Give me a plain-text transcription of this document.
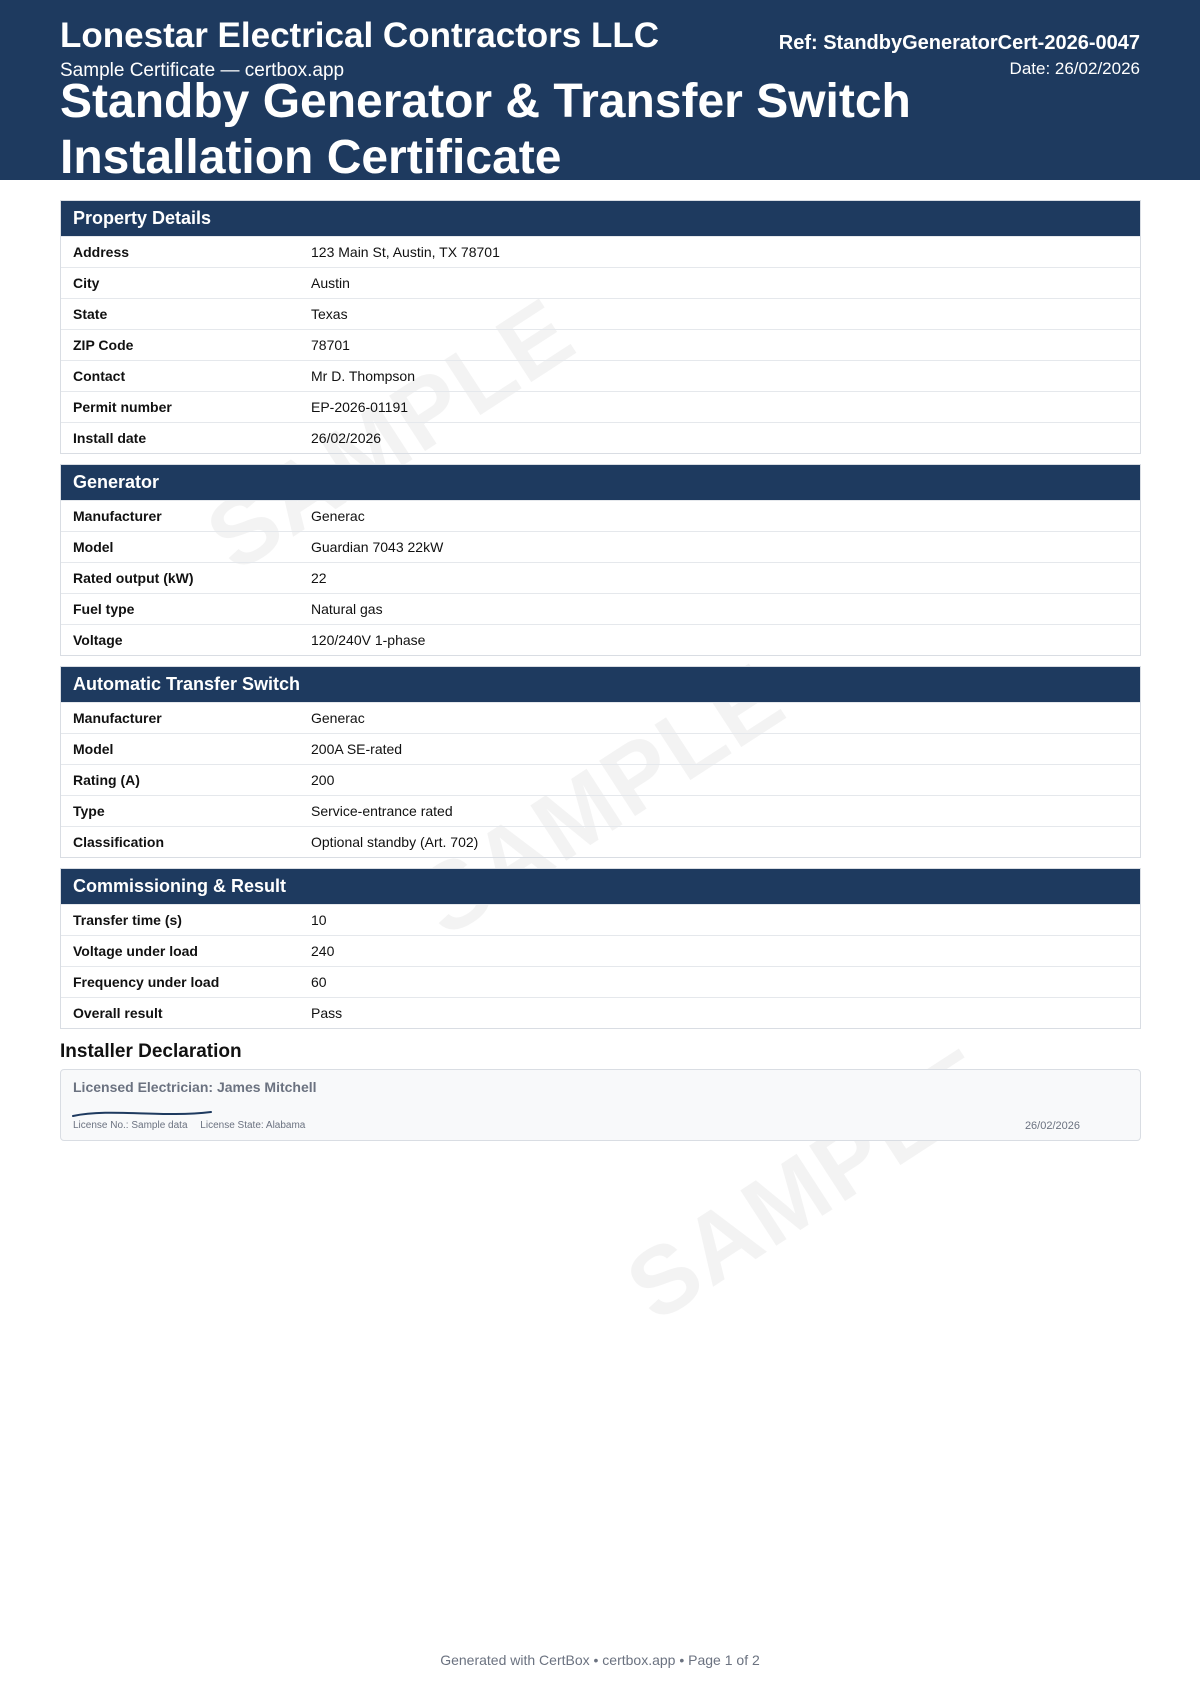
Lonestar Electrical Contractors LLC
Sample Certificate — certbox.app
Standby Generator & Transfer Switch Installation Certificate
Ref: StandbyGeneratorCert-2026-0047
Date: 26/02/2026
Property Details
Address	123 Main St, Austin, TX 78701
City	Austin
State	Texas
ZIP Code	78701
Contact	Mr D. Thompson
Permit number	EP-2026-01191
Install date	26/02/2026
Generator
Manufacturer	Generac
Model	Guardian 7043 22kW
Rated output (kW)	22
Fuel type	Natural gas
Voltage	120/240V 1-phase
Automatic Transfer Switch
Manufacturer	Generac
Model	200A SE-rated
Rating (A)	200
Type	Service-entrance rated
Classification	Optional standby (Art. 702)
Commissioning & Result
Transfer time (s)	10
Voltage under load	240
Frequency under load	60
Overall result	Pass
Installer Declaration
Licensed Electrician: James Mitchell
License No.: Sample data License State: Alabama	26/02/2026
Generated with CertBox • certbox.app • Page 1 of 2
